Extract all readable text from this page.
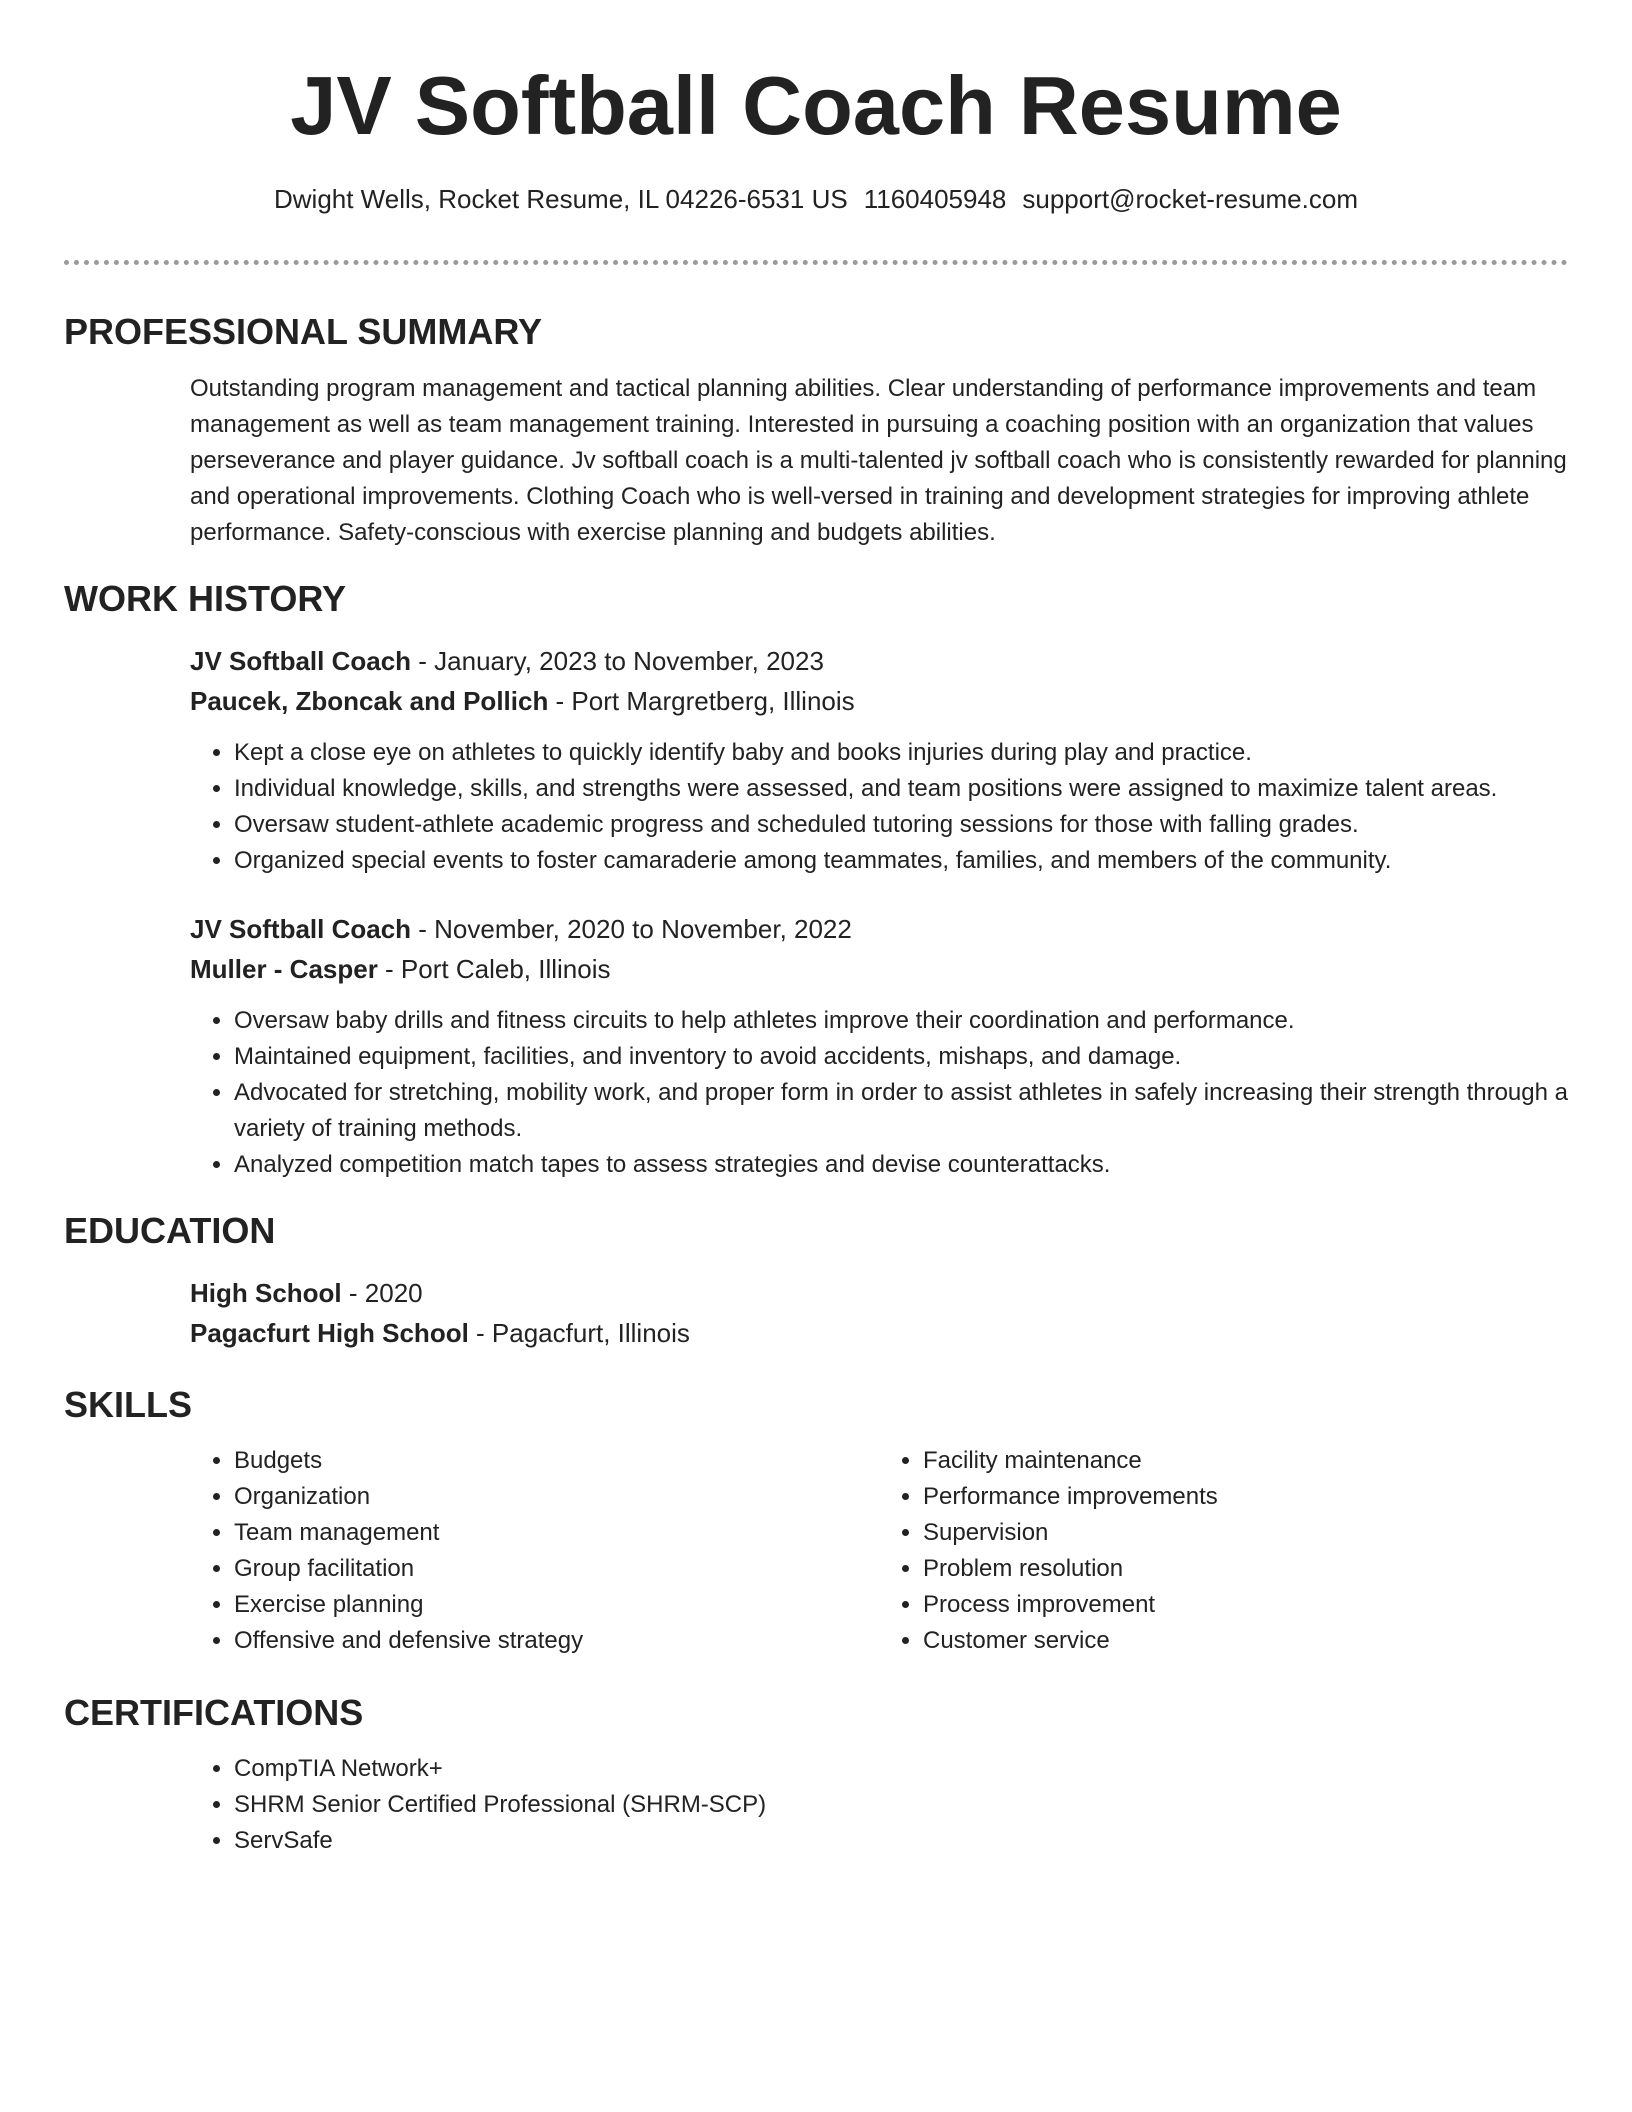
JV Softball Coach Resume
Dwight Wells, Rocket Resume, IL 04226-6531 US 1160405948 support@rocket-resume.com
PROFESSIONAL SUMMARY

Outstanding program management and tactical planning abilities. Clear understanding of performance improvements and team management as well as team management training. Interested in pursuing a coaching position with an organization that values perseverance and player guidance. Jv softball coach is a multi-talented jv softball coach who is consistently rewarded for planning and operational improvements. Clothing Coach who is well-versed in training and development strategies for improving athlete performance. Safety-conscious with exercise planning and budgets abilities.

WORK HISTORY
JV Softball Coach - January, 2023 to November, 2023
Paucek, Zboncak and Pollich - Port Margretberg, Illinois
• Kept a close eye on athletes to quickly identify baby and books injuries during play and practice.
• Individual knowledge, skills, and strengths were assessed, and team positions were assigned to maximize talent areas.
• Oversaw student-athlete academic progress and scheduled tutoring sessions for those with falling grades.
• Organized special events to foster camaraderie among teammates, families, and members of the community.
JV Softball Coach - November, 2020 to November, 2022
Muller - Casper - Port Caleb, Illinois
• Oversaw baby drills and fitness circuits to help athletes improve their coordination and performance.
• Maintained equipment, facilities, and inventory to avoid accidents, mishaps, and damage.
• Advocated for stretching, mobility work, and proper form in order to assist athletes in safely increasing their strength through a variety of training methods.
• Analyzed competition match tapes to assess strategies and devise counterattacks.
EDUCATION
High School - 2020
Pagacfurt High School - Pagacfurt, Illinois
SKILLS
• Budgets
• Organization
• Team management
• Group facilitation
• Exercise planning
• Offensive and defensive strategy
• Facility maintenance
• Performance improvements
• Supervision
• Problem resolution
• Process improvement
• Customer service
CERTIFICATIONS
• CompTIA Network+
• SHRM Senior Certified Professional (SHRM-SCP)
• ServSafe
